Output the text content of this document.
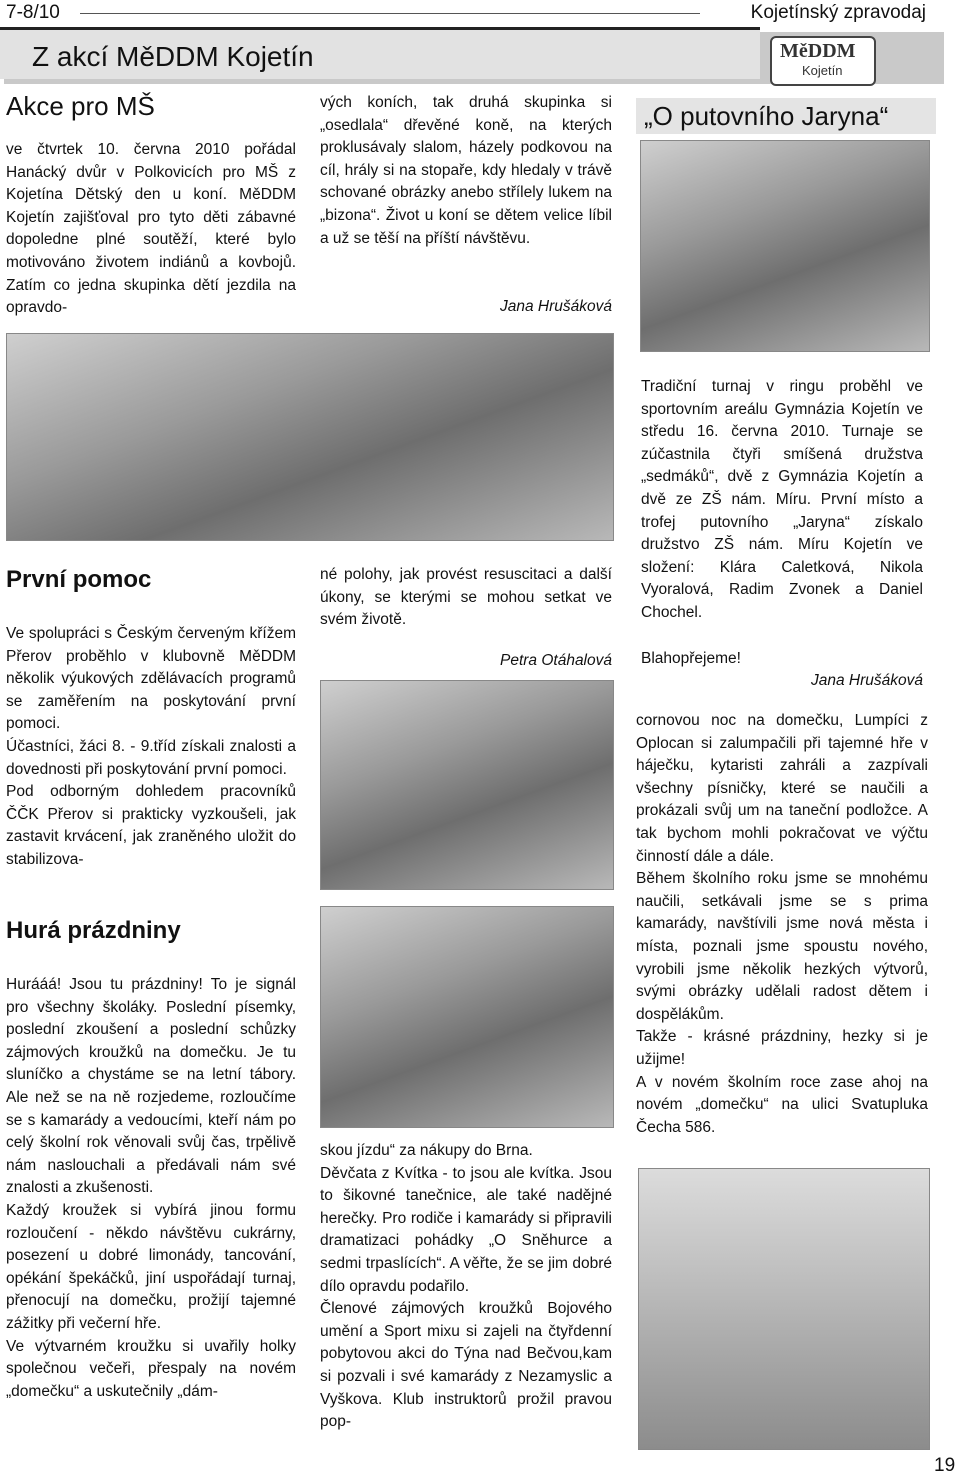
7-8/10	Kojetínský zpravodaj
Z akcí MěDDM Kojetín	MěDDM
Kojetín
Akce pro MŠ
ve čtvrtek 10. června 2010 pořádal Hanácký dvůr v Polkovicích pro MŠ z Kojetína Dětský den u koní. MěDDM Kojetín zajišťoval pro tyto děti zábavné dopoledne plné soutěží, které bylo motivováno životem indiánů a kovbojů. Zatím co jedna skupinka dětí jezdila na opravdo-
vých koních, tak druhá skupinka si „osedlala“ dřevěné koně, na kterých proklusávaly slalom, házely podkovou na cíl, hrály si na stopaře, kdy hledaly v trávě schované obrázky anebo střílely lukem na „bizona“. Život u koní se dětem velice líbil a už se těší na příští návštěvu.
Jana Hrušáková
„O putovního Jaryna“
Tradiční turnaj v ringu proběhl ve sportovním areálu Gymnázia Kojetín ve středu 16. června 2010. Turnaje se zúčastnila čtyři smíšená družstva „sedmáků“, dvě z Gymnázia Kojetín a dvě ze ZŠ nám. Míru. První místo a trofej putovního „Jaryna“ získalo družstvo ZŠ nám. Míru Kojetín ve složení: Klára Caletková, Nikola Vyoralová, Radim Zvonek a Daniel Chochel.
Blahopřejeme!
Jana Hrušáková
První pomoc

Ve spolupráci s Českým červeným křížem Přerov proběhlo v klubovně MěDDM několik výukových zdělávacích programů se zaměřením na poskytování první pomoci.

Účastníci, žáci 8. - 9.tříd získali znalosti a dovednosti při poskytování první pomoci.

Pod odborným dohledem pracovníků ČČK Přerov si prakticky vyzkoušeli, jak zastavit krvácení, jak zraněného uložit do stabilizova-

né polohy, jak provést resuscitaci a další úkony, se kterými se mohou setkat ve svém životě.
Petra Otáhalová
Hurá prázdniny

Hurááá! Jsou tu prázdniny! To je signál pro všechny školáky. Poslední písemky, poslední zkoušení a poslední schůzky zájmových kroužků na domečku. Je tu sluníčko a chystáme se na letní tábory. Ale než se na ně rozjedeme, rozloučíme se s kamarády a vedoucími, kteří nám po celý školní rok věnovali svůj čas, trpělivě nám naslouchali a předávali nám své znalosti a zkušenosti.

Každý kroužek si vybírá jinou formu rozloučení - někdo návštěvu cukrárny, posezení u dobré limonády, tancování, opékání špekáčků, jiní uspořádají turnaj, přenocují na domečku, prožijí tajemné zážitky při večerní hře.

Ve výtvarném kroužku si uvařily holky společnou večeři, přespaly na novém „domečku“ a uskutečnily „dám-

skou jízdu“ za nákupy do Brna.

Děvčata z Kvítka - to jsou ale kvítka. Jsou to šikovné tanečnice, ale také nadějné herečky. Pro rodiče i kamarády si připravili dramatizaci pohádky „O Sněhurce a sedmi trpaslících“. A věřte, že se jim dobré dílo opravdu podařilo.

Členové zájmových kroužků Bojového umění a Sport mixu si zajeli na čtyřdenní pobytovou akci do Týna nad Bečvou,kam si pozvali i své kamarády z Nezamyslic a Vyškova. Klub instruktorů prožil pravou pop-

cornovou noc na domečku, Lumpíci z Oplocan si zalumpačili při tajemné hře v háječku, kytaristi zahráli a zazpívali všechny písničky, které se naučili a prokázali svůj um na taneční podložce. A tak bychom mohli pokračovat ve výčtu činností dále a dále.

Během školního roku jsme se mnohému naučili, setkávali jsme se s prima kamarády, navštívili jsme nová města i místa, poznali jsme spoustu nového, vyrobili jsme několik hezkých výtvorů, svými obrázky udělali radost dětem i dospělákům.

Takže - krásné prázdniny, hezky si je užijme!

A v novém školním roce zase ahoj na novém „domečku“ na ulici Svatupluka Čecha 586.

19
